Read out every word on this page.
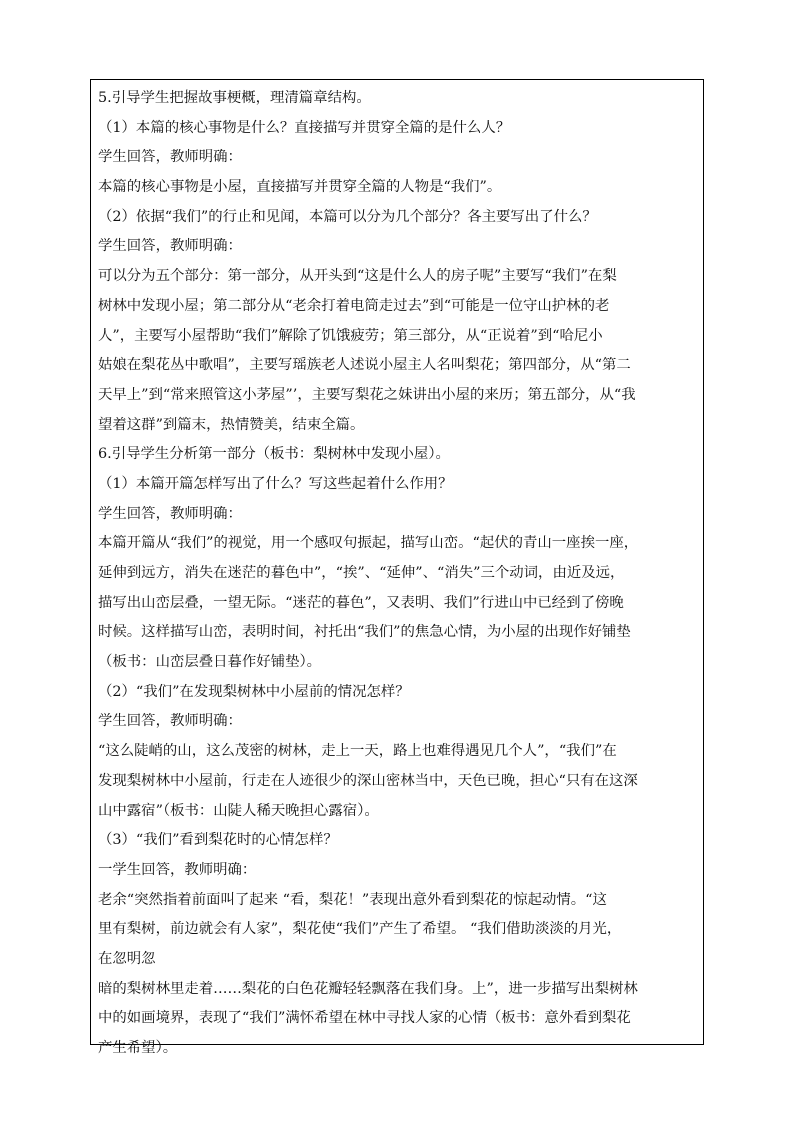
5.引导学生把握故事梗概，理清篇章结构。
（1）本篇的核心事物是什么？直接描写并贯穿全篇的是什么人？
学生回答，教师明确：
本篇的核心事物是小屋，直接描写并贯穿全篇的人物是“我们”。
（2）依据“我们”的行止和见闻，本篇可以分为几个部分？各主要写出了什么？
学生回答，教师明确：
可以分为五个部分：第一部分，从开头到“这是什么人的房子呢”主要写“我们”在梨
树林中发现小屋；第二部分从“老余打着电筒走过去”到“可能是一位守山护林的老
人”，主要写小屋帮助“我们”解除了饥饿疲劳；第三部分，从“正说着”到“哈尼小
姑娘在梨花丛中歌唱”，主要写瑶族老人述说小屋主人名叫梨花；第四部分，从“第二
天早上”到“常来照管这小茅屋”’，主要写梨花之妹讲出小屋的来历；第五部分，从“我
望着这群”到篇末，热情赞美，结束全篇。
6.引导学生分析第一部分（板书：梨树林中发现小屋）。
（1）本篇开篇怎样写出了什么？写这些起着什么作用？
学生回答，教师明确：
本篇开篇从“我们”的视觉，用一个感叹句振起，描写山峦。“起伏的青山一座挨一座，
延伸到远方，消失在迷茫的暮色中”，“挨”、“延伸”、“消失”三个动词，由近及远，
描写出山峦层叠，一望无际。“迷茫的暮色”，又表明、我们”行进山中已经到了傍晚
时候。这样描写山峦，表明时间，衬托出“我们”的焦急心情，为小屋的出现作好铺垫
（板书：山峦层叠日暮作好铺垫）。
（2）“我们”在发现梨树林中小屋前的情况怎样？
学生回答，教师明确：
“这么陡峭的山，这么茂密的树林，走上一天，路上也难得遇见几个人”，“我们”在
发现梨树林中小屋前，行走在人迹很少的深山密林当中，天色已晚，担心“只有在这深
山中露宿”（板书：山陡人稀天晚担心露宿）。
（3）“我们”看到梨花时的心情怎样？
一学生回答，教师明确：
老余“突然指着前面叫了起来 “看，梨花！”表现出意外看到梨花的惊起动情。“这
里有梨树，前边就会有人家”，梨花使“我们”产生了希望。 “我们借助淡淡的月光，
在忽明忽
暗的梨树林里走着……梨花的白色花瓣轻轻飘落在我们身。上”，进一步描写出梨树林
中的如画境界，表现了“我们”满怀希望在林中寻找人家的心情（板书：意外看到梨花
产生希望）。
